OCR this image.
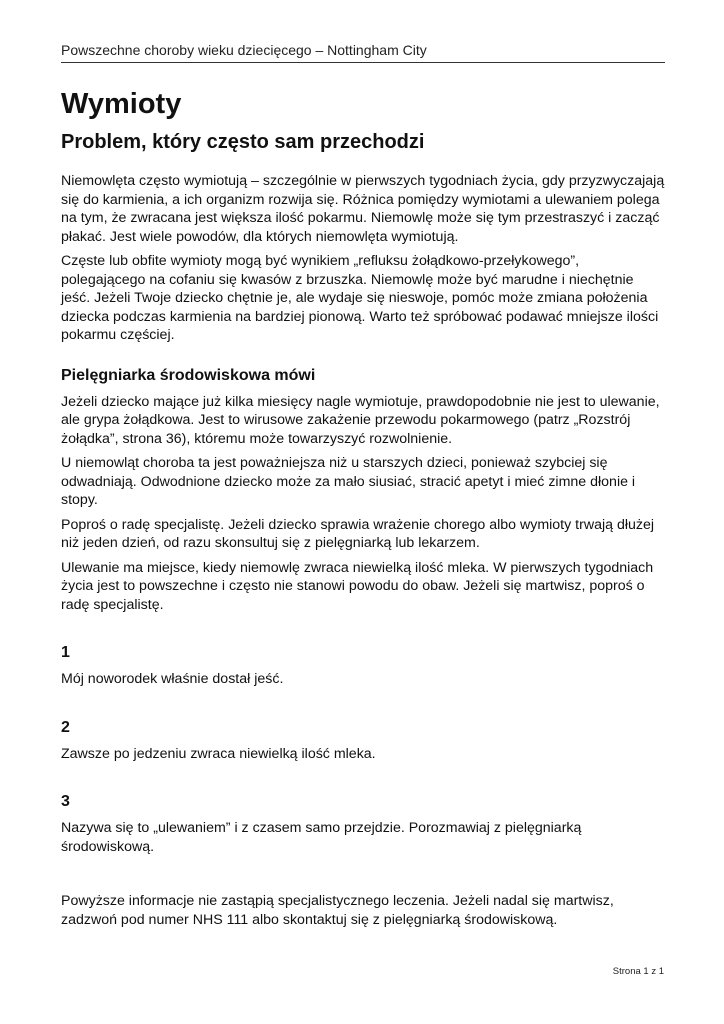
Powszechne choroby wieku dziecięcego – Nottingham City
Wymioty
Problem, który często sam przechodzi

Niemowlęta często wymiotują – szczególnie w pierwszych tygodniach życia, gdy przyzwyczajają się do karmienia, a ich organizm rozwija się. Różnica pomiędzy wymiotami a ulewaniem polega na tym, że zwracana jest większa ilość pokarmu. Niemowlę może się tym przestraszyć i zacząć płakać. Jest wiele powodów, dla których niemowlęta wymiotują.

Częste lub obfite wymioty mogą być wynikiem „refluksu żołądkowo-przełykowego”, polegającego na cofaniu się kwasów z brzuszka. Niemowlę może być marudne i niechętnie jeść. Jeżeli Twoje dziecko chętnie je, ale wydaje się nieswoje, pomóc może zmiana położenia dziecka podczas karmienia na bardziej pionową. Warto też spróbować podawać mniejsze ilości pokarmu częściej.

Pielęgniarka środowiskowa mówi

Jeżeli dziecko mające już kilka miesięcy nagle wymiotuje, prawdopodobnie nie jest to ulewanie, ale grypa żołądkowa. Jest to wirusowe zakażenie przewodu pokarmowego (patrz „Rozstrój żołądka”, strona 36), któremu może towarzyszyć rozwolnienie.

U niemowląt choroba ta jest poważniejsza niż u starszych dzieci, ponieważ szybciej się odwadniają. Odwodnione dziecko może za mało siusiać, stracić apetyt i mieć zimne dłonie i stopy.

Poproś o radę specjalistę. Jeżeli dziecko sprawia wrażenie chorego albo wymioty trwają dłużej niż jeden dzień, od razu skonsultuj się z pielęgniarką lub lekarzem.

Ulewanie ma miejsce, kiedy niemowlę zwraca niewielką ilość mleka. W pierwszych tygodniach życia jest to powszechne i często nie stanowi powodu do obaw. Jeżeli się martwisz, poproś o radę specjalistę.

1

Mój noworodek właśnie dostał jeść.

2

Zawsze po jedzeniu zwraca niewielką ilość mleka.

3

Nazywa się to „ulewaniem” i z czasem samo przejdzie. Porozmawiaj z pielęgniarką środowiskową.

Powyższe informacje nie zastąpią specjalistycznego leczenia. Jeżeli nadal się martwisz, zadzwoń pod numer NHS 111 albo skontaktuj się z pielęgniarką środowiskową.

Strona 1 z 1
